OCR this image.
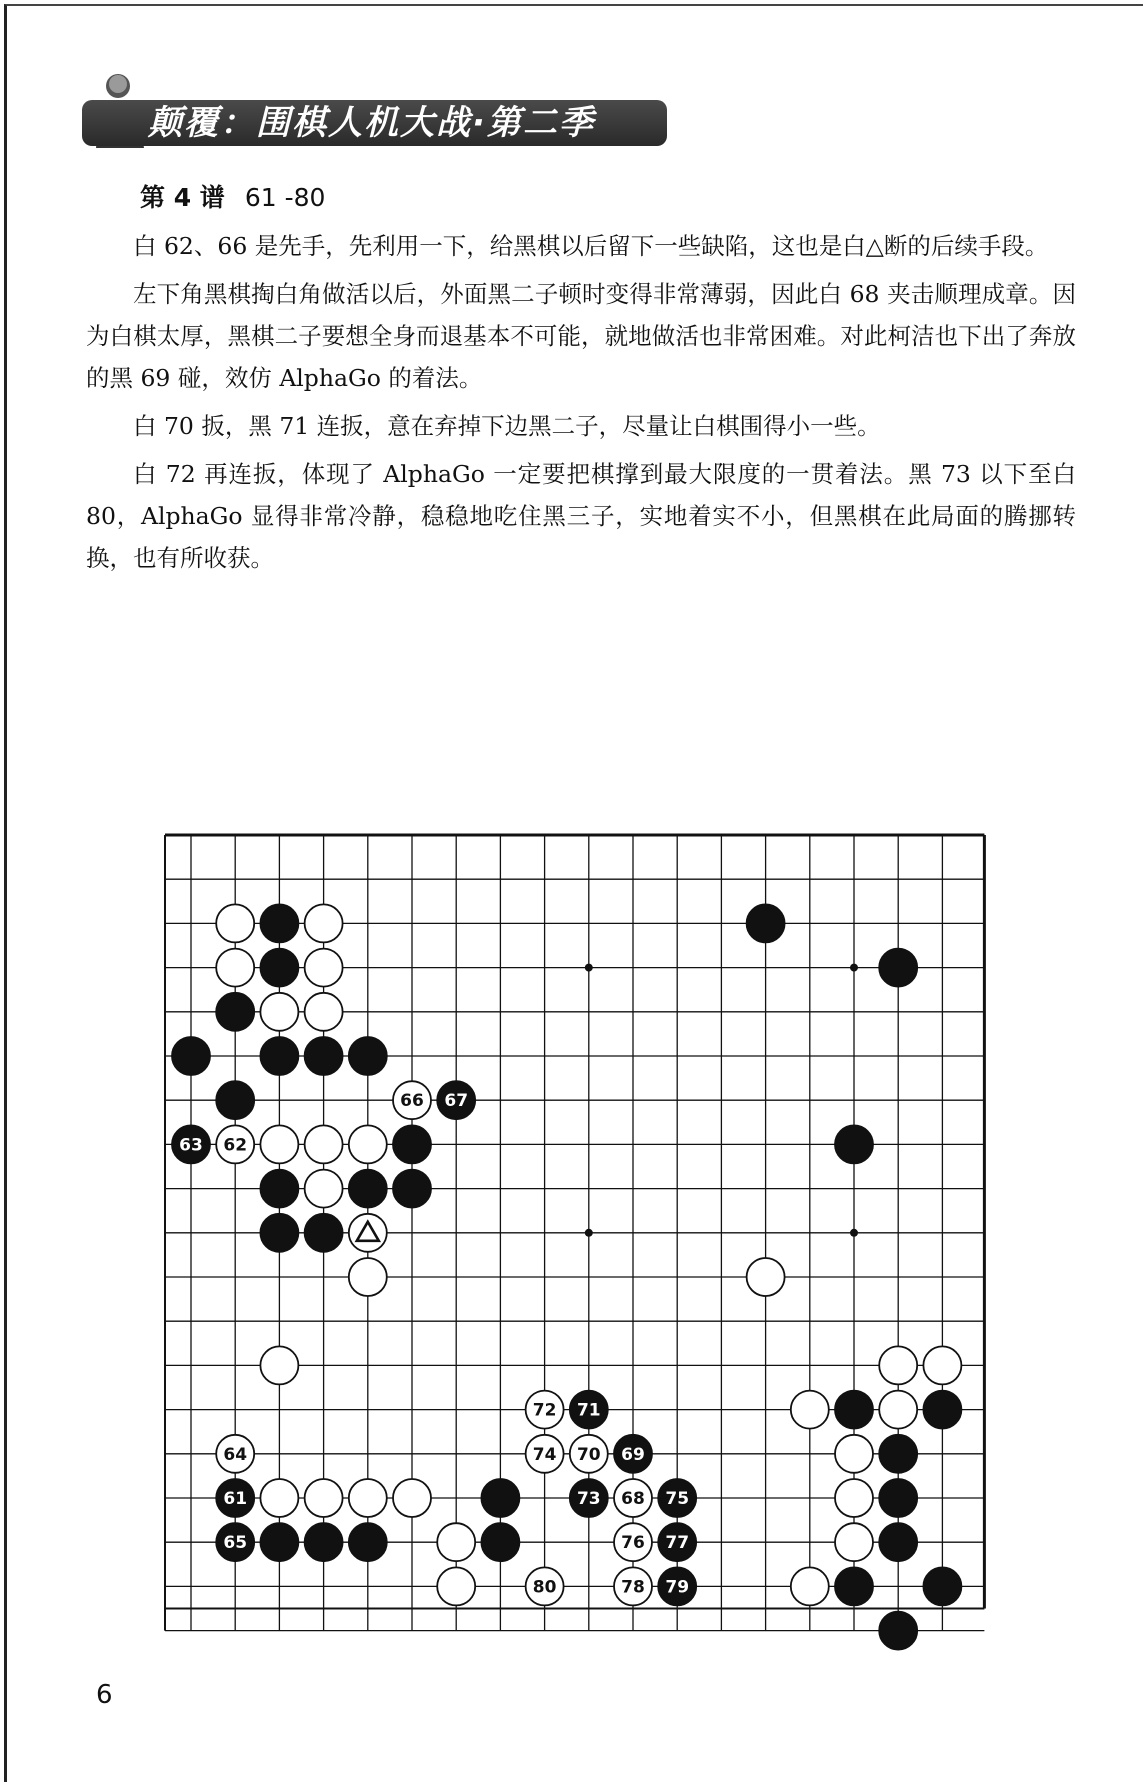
颠覆：围棋人机大战·第二季
第 4 谱 61 -80

白 62、66 是先手，先利用一下，给黑棋以后留下一些缺陷，这也是白△断的后续手段。

左下角黑棋掏白角做活以后，外面黑二子顿时变得非常薄弱，因此白 68 夹击顺理成章。因为白棋太厚，黑棋二子要想全身而退基本不可能，就地做活也非常困难。对此柯洁也下出了奔放的黑 69 碰，效仿 AlphaGo 的着法。

白 70 扳，黑 71 连扳，意在弃掉下边黑二子，尽量让白棋围得小一些。

白 72 再连扳，体现了 AlphaGo 一定要把棋撑到最大限度的一贯着法。黑 73 以下至白 80，AlphaGo 显得非常冷静，稳稳地吃住黑三子，实地着实不小，但黑棋在此局面的腾挪转换，也有所收获。

66 67
63 62
72 71
64	74 70 69
61	73 68 75
65	76 77
80	78 79
6
